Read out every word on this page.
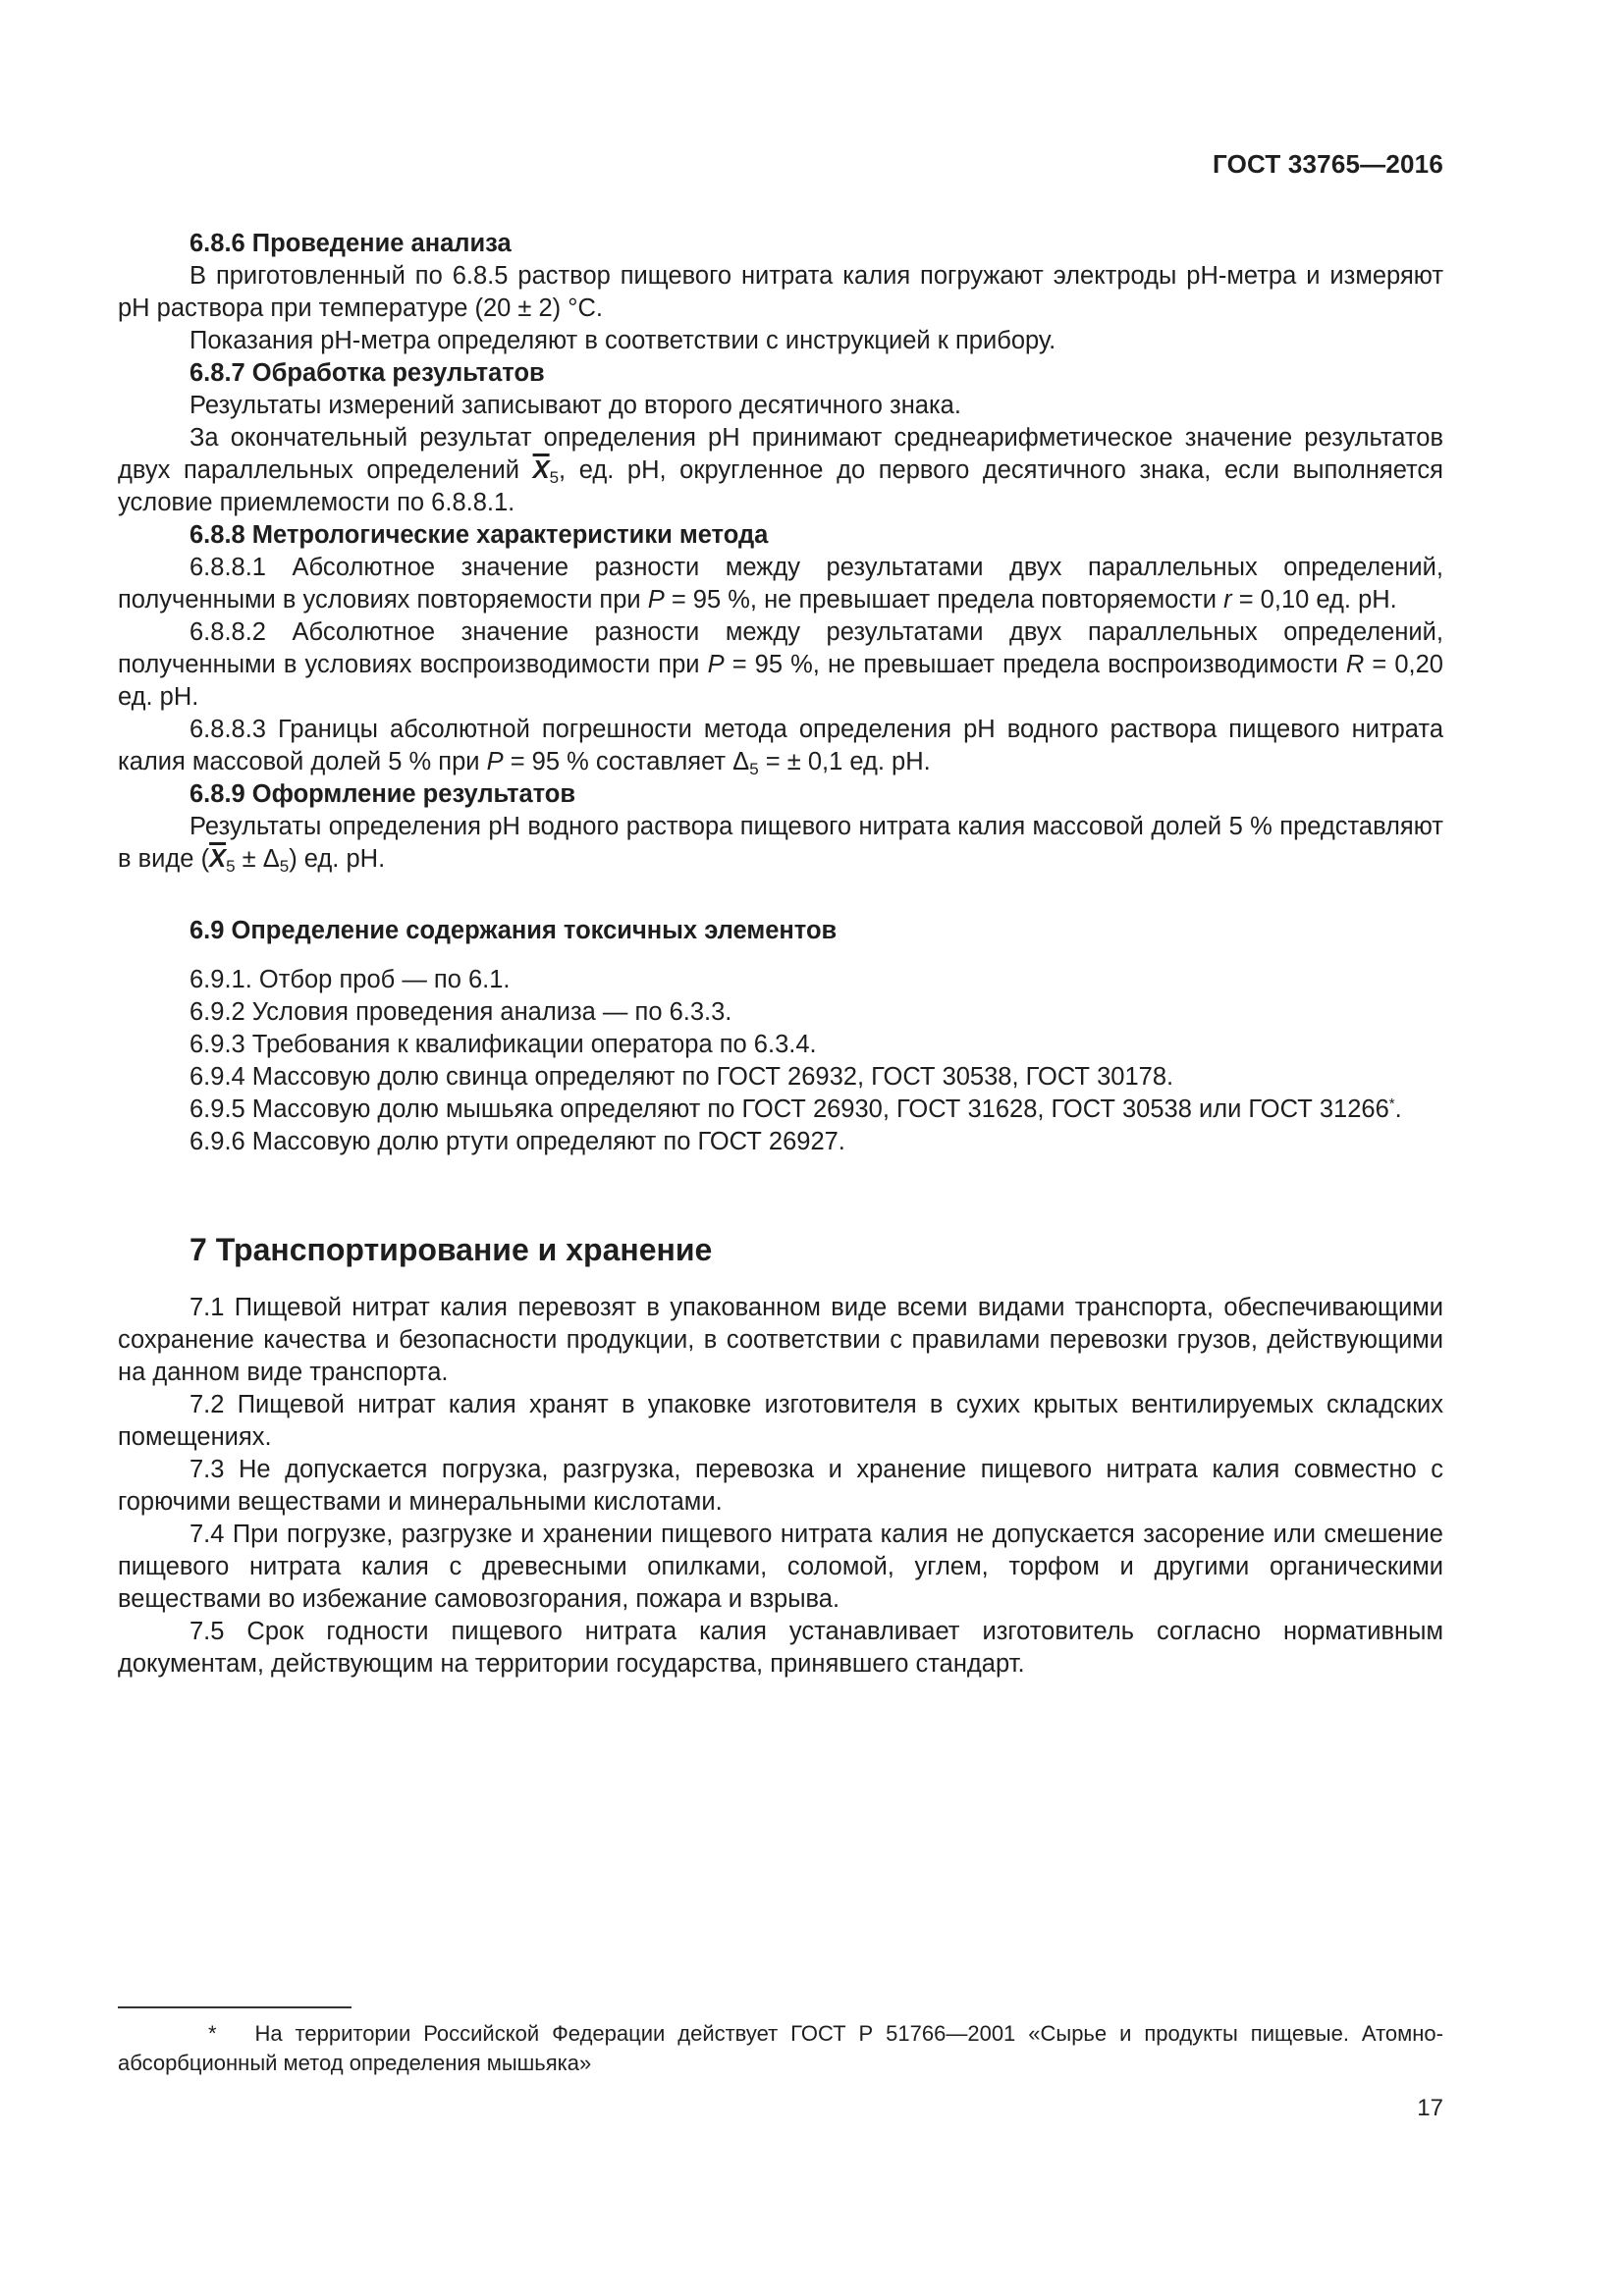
ГОСТ 33765—2016

6.8.6 Проведение анализа

В приготовленный по 6.8.5 раствор пищевого нитрата калия погружают электроды pH-метра и измеряют pH раствора при температуре (20 ± 2) °C.

Показания pH-метра определяют в соответствии с инструкцией к прибору.

6.8.7 Обработка результатов

Результаты измерений записывают до второго десятичного знака.

За окончательный результат определения pH принимают среднеарифметическое значение результатов двух параллельных определений $\overline{X}_5$, ед. pH, округленное до первого десятичного знака, если выполняется условие приемлемости по 6.8.8.1.

6.8.8 Метрологические характеристики метода

6.8.8.1 Абсолютное значение разности между результатами двух параллельных определений, полученными в условиях повторяемости при P = 95 %, не превышает предела повторяемости r = 0,10 ед. pH.

6.8.8.2 Абсолютное значение разности между результатами двух параллельных определений, полученными в условиях воспроизводимости при P = 95 %, не превышает предела воспроизводимости R = 0,20 ед. pH.

6.8.8.3 Границы абсолютной погрешности метода определения pH водного раствора пищевого нитрата калия массовой долей 5 % при P = 95 % составляет $\Delta_5$ = ± 0,1 ед. pH.

6.8.9 Оформление результатов

Результаты определения pH водного раствора пищевого нитрата калия массовой долей 5 % представляют в виде $(\overline{X}_5 \pm \Delta_5)$ ед. pH.

6.9 Определение содержания токсичных элементов

6.9.1. Отбор проб — по 6.1.

6.9.2 Условия проведения анализа — по 6.3.3.

6.9.3 Требования к квалификации оператора по 6.3.4.

6.9.4 Массовую долю свинца определяют по ГОСТ 26932, ГОСТ 30538, ГОСТ 30178.

6.9.5 Массовую долю мышьяка определяют по ГОСТ 26930, ГОСТ 31628, ГОСТ 30538 или ГОСТ 31266*.

6.9.6 Массовую долю ртути определяют по ГОСТ 26927.

7 Транспортирование и хранение

7.1 Пищевой нитрат калия перевозят в упакованном виде всеми видами транспорта, обеспечивающими сохранение качества и безопасности продукции, в соответствии с правилами перевозки грузов, действующими на данном виде транспорта.

7.2 Пищевой нитрат калия хранят в упаковке изготовителя в сухих крытых вентилируемых складских помещениях.

7.3 Не допускается погрузка, разгрузка, перевозка и хранение пищевого нитрата калия совместно с горючими веществами и минеральными кислотами.

7.4 При погрузке, разгрузке и хранении пищевого нитрата калия не допускается засорение или смешение пищевого нитрата калия с древесными опилками, соломой, углем, торфом и другими органическими веществами во избежание самовозгорания, пожара и взрыва.

7.5 Срок годности пищевого нитрата калия устанавливает изготовитель согласно нормативным документам, действующим на территории государства, принявшего стандарт.

* На территории Российской Федерации действует ГОСТ Р 51766—2001 «Сырье и продукты пищевые. Атомно-абсорбционный метод определения мышьяка»

17
